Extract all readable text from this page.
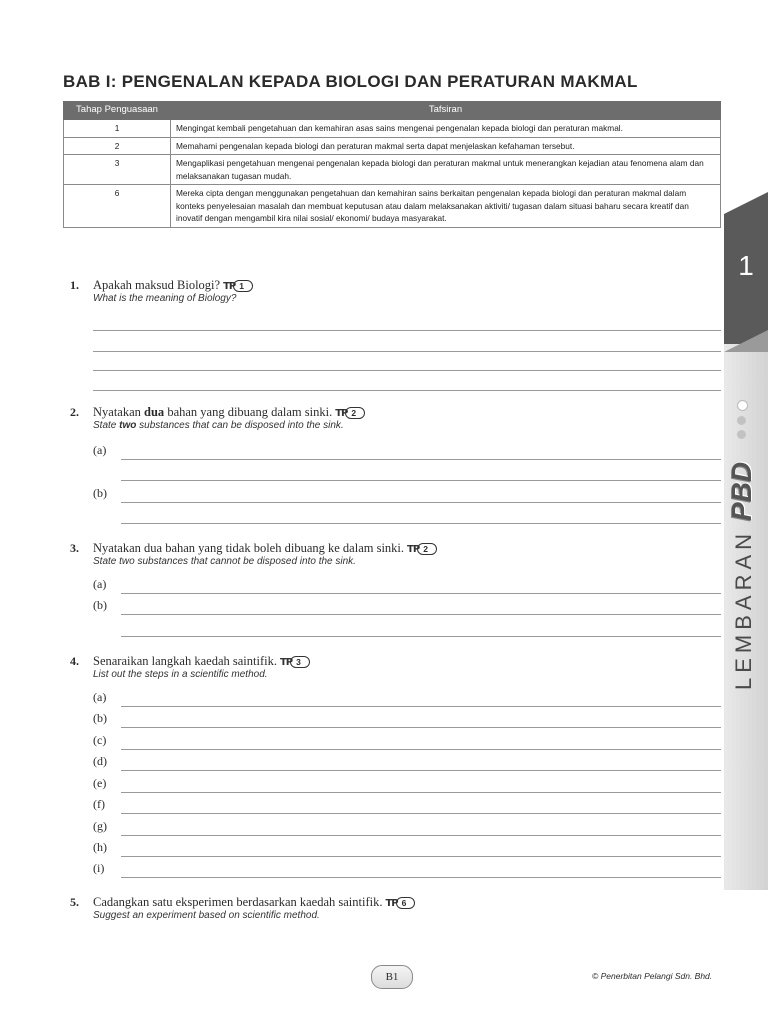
BAB I: PENGENALAN KEPADA BIOLOGI DAN PERATURAN MAKMAL
Tahap Penguasaan	Tafsiran
1	Mengingat kembali pengetahuan dan kemahiran asas sains mengenai pengenalan kepada biologi dan peraturan makmal.
2	Memahami pengenalan kepada biologi dan peraturan makmal serta dapat menjelaskan kefahaman tersebut.
3	Mengaplikasi pengetahuan mengenai pengenalan kepada biologi dan peraturan makmal untuk menerangkan kejadian atau fenomena alam dan melaksanakan tugasan mudah.
6	Mereka cipta dengan menggunakan pengetahuan dan kemahiran sains berkaitan pengenalan kepada biologi dan peraturan makmal dalam konteks penyelesaian masalah dan membuat keputusan atau dalam melaksanakan aktiviti/ tugasan dalam situasi baharu secara kreatif dan inovatif dengan mengambil kira nilai sosial/ ekonomi/ budaya masyarakat.
1. Apakah maksud Biologi? TP 1
What is the meaning of Biology?
2. Nyatakan dua bahan yang dibuang dalam sinki. TP 2
State two substances that can be disposed into the sink.
(a)
(b)
3. Nyatakan dua bahan yang tidak boleh dibuang ke dalam sinki. TP 2
State two substances that cannot be disposed into the sink.
(a)
(b)
4. Senaraikan langkah kaedah saintifik. TP 3
List out the steps in a scientific method.
(a)
(b)
(c)
(d)
(e)
(f)
(g)
(h)
(i)
5. Cadangkan satu eksperimen berdasarkan kaedah saintifik. TP 6
Suggest an experiment based on scientific method.
1
LEMBARANPBD
B1	© Penerbitan Pelangi Sdn. Bhd.
